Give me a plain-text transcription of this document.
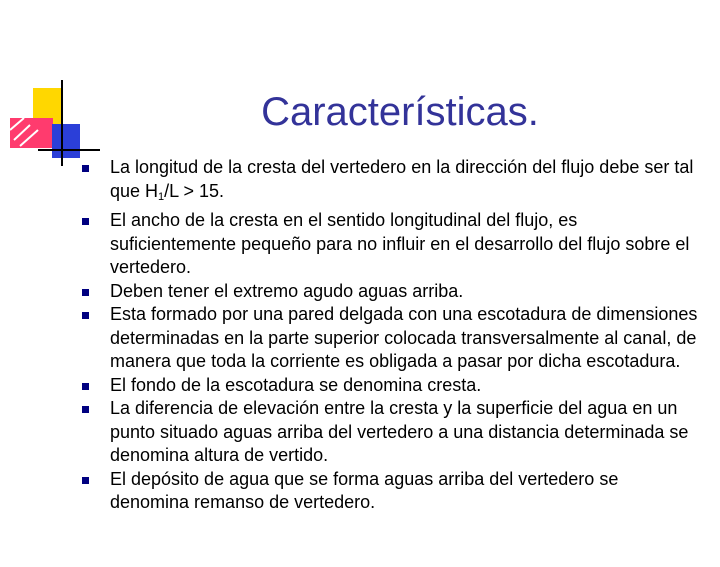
Características.
La longitud de la cresta del vertedero en la dirección del flujo debe ser tal que $H_1/L > 15$.
El ancho de la cresta en el sentido longitudinal del flujo, es suficientemente pequeño para no influir en el desarrollo del flujo sobre el vertedero.
Deben tener el extremo agudo aguas arriba.
Esta formado por una pared delgada con una escotadura de dimensiones determinadas en la parte superior colocada transversalmente al canal, de manera que toda la corriente es obligada a pasar por dicha escotadura.
El fondo de la escotadura se denomina cresta.
La diferencia de elevación entre la cresta y la superficie del agua en un punto situado aguas arriba del vertedero a una distancia determinada se denomina altura de vertido.
El depósito de agua que se forma aguas arriba del vertedero se denomina remanso de vertedero.
